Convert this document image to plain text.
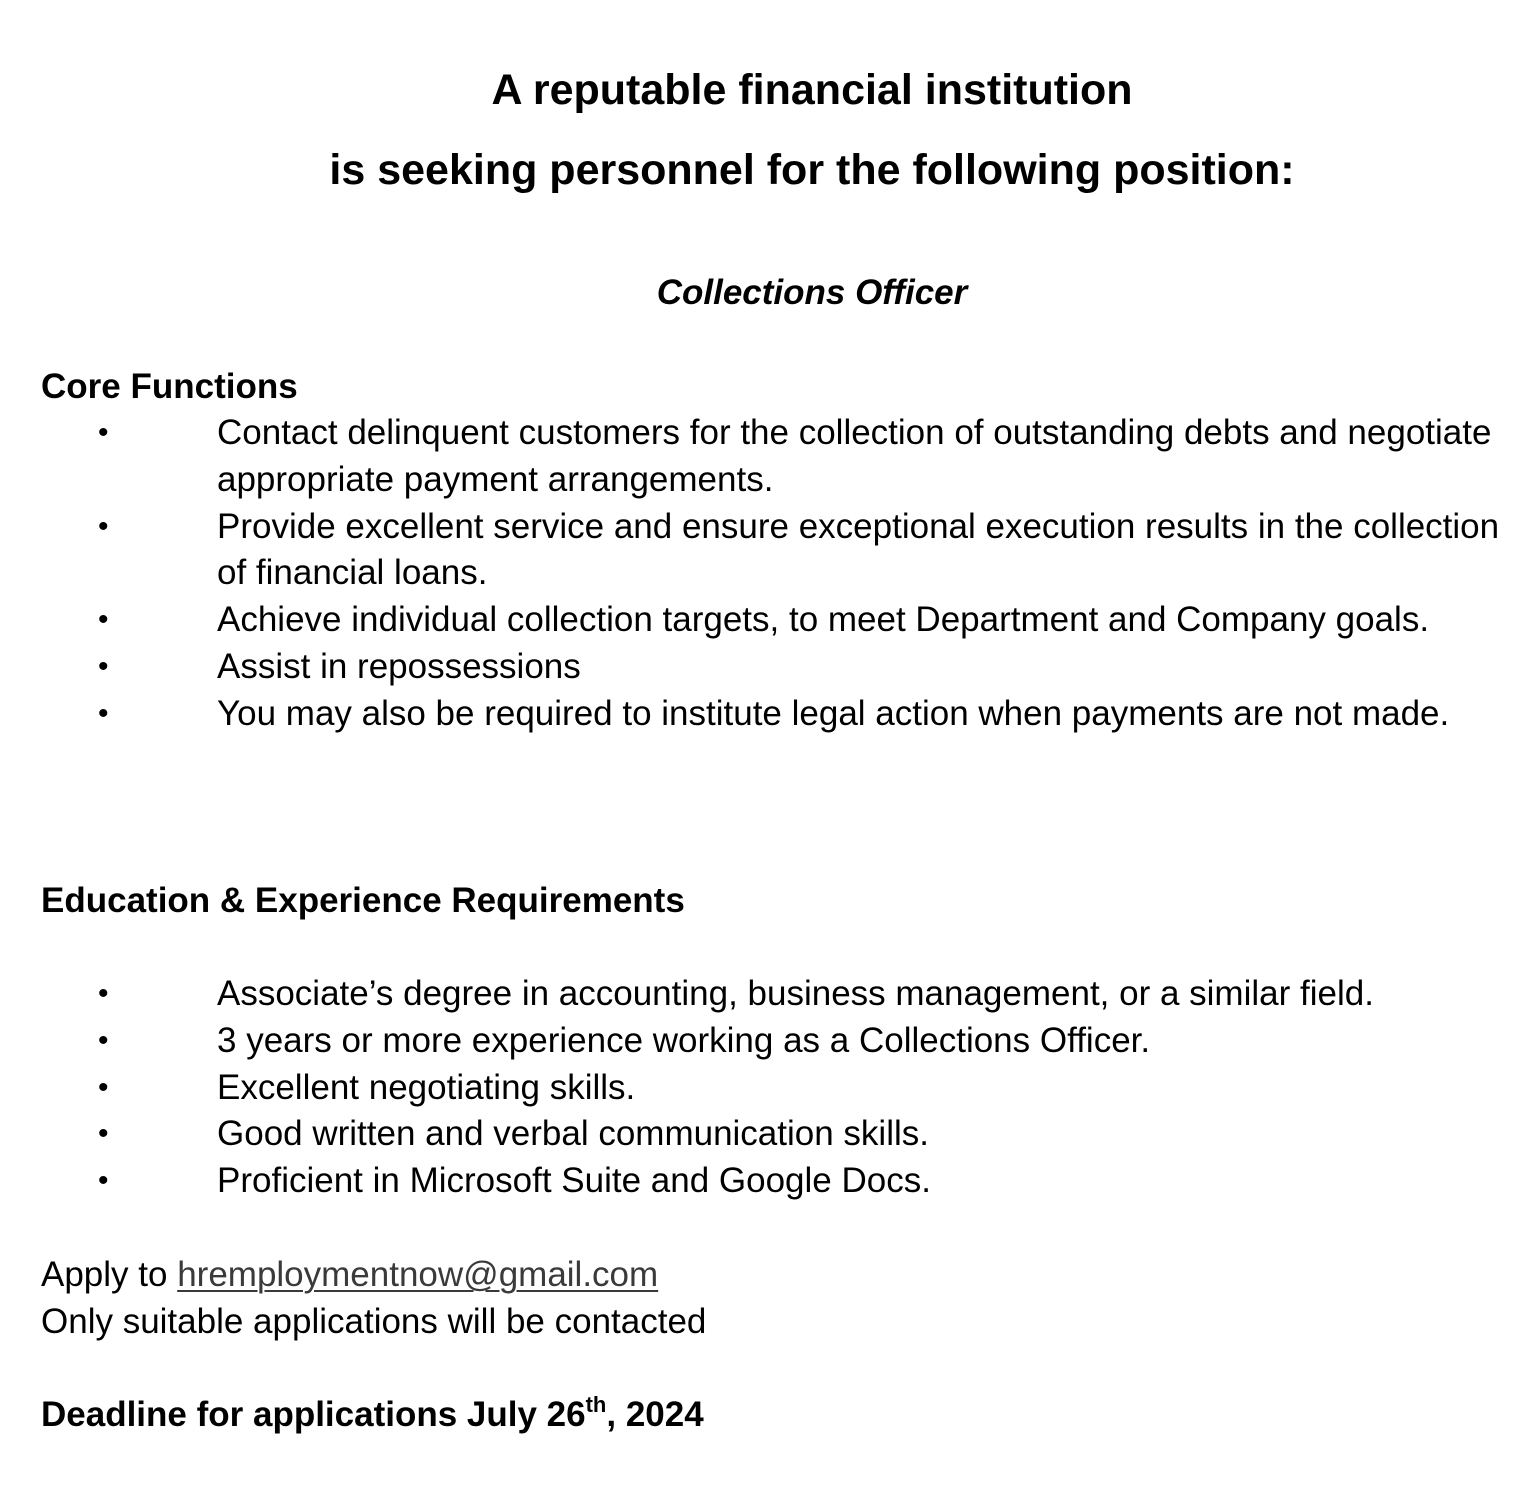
A reputable financial institution
is seeking personnel for the following position:
Collections Officer
Core Functions
•	Contact delinquent customers for the collection of outstanding debts and negotiate appropriate payment arrangements.
•	Provide excellent service and ensure exceptional execution results in the collection of financial loans.
•	Achieve individual collection targets, to meet Department and Company goals.
•	Assist in repossessions
•	You may also be required to institute legal action when payments are not made.
Education & Experience Requirements
•	Associate’s degree in accounting, business management, or a similar field.
•	3 years or more experience working as a Collections Officer.
•	Excellent negotiating skills.
•	Good written and verbal communication skills.
•	Proficient in Microsoft Suite and Google Docs.
Apply to hremploymentnow@gmail.com
Only suitable applications will be contacted
Deadline for applications July 26th, 2024
